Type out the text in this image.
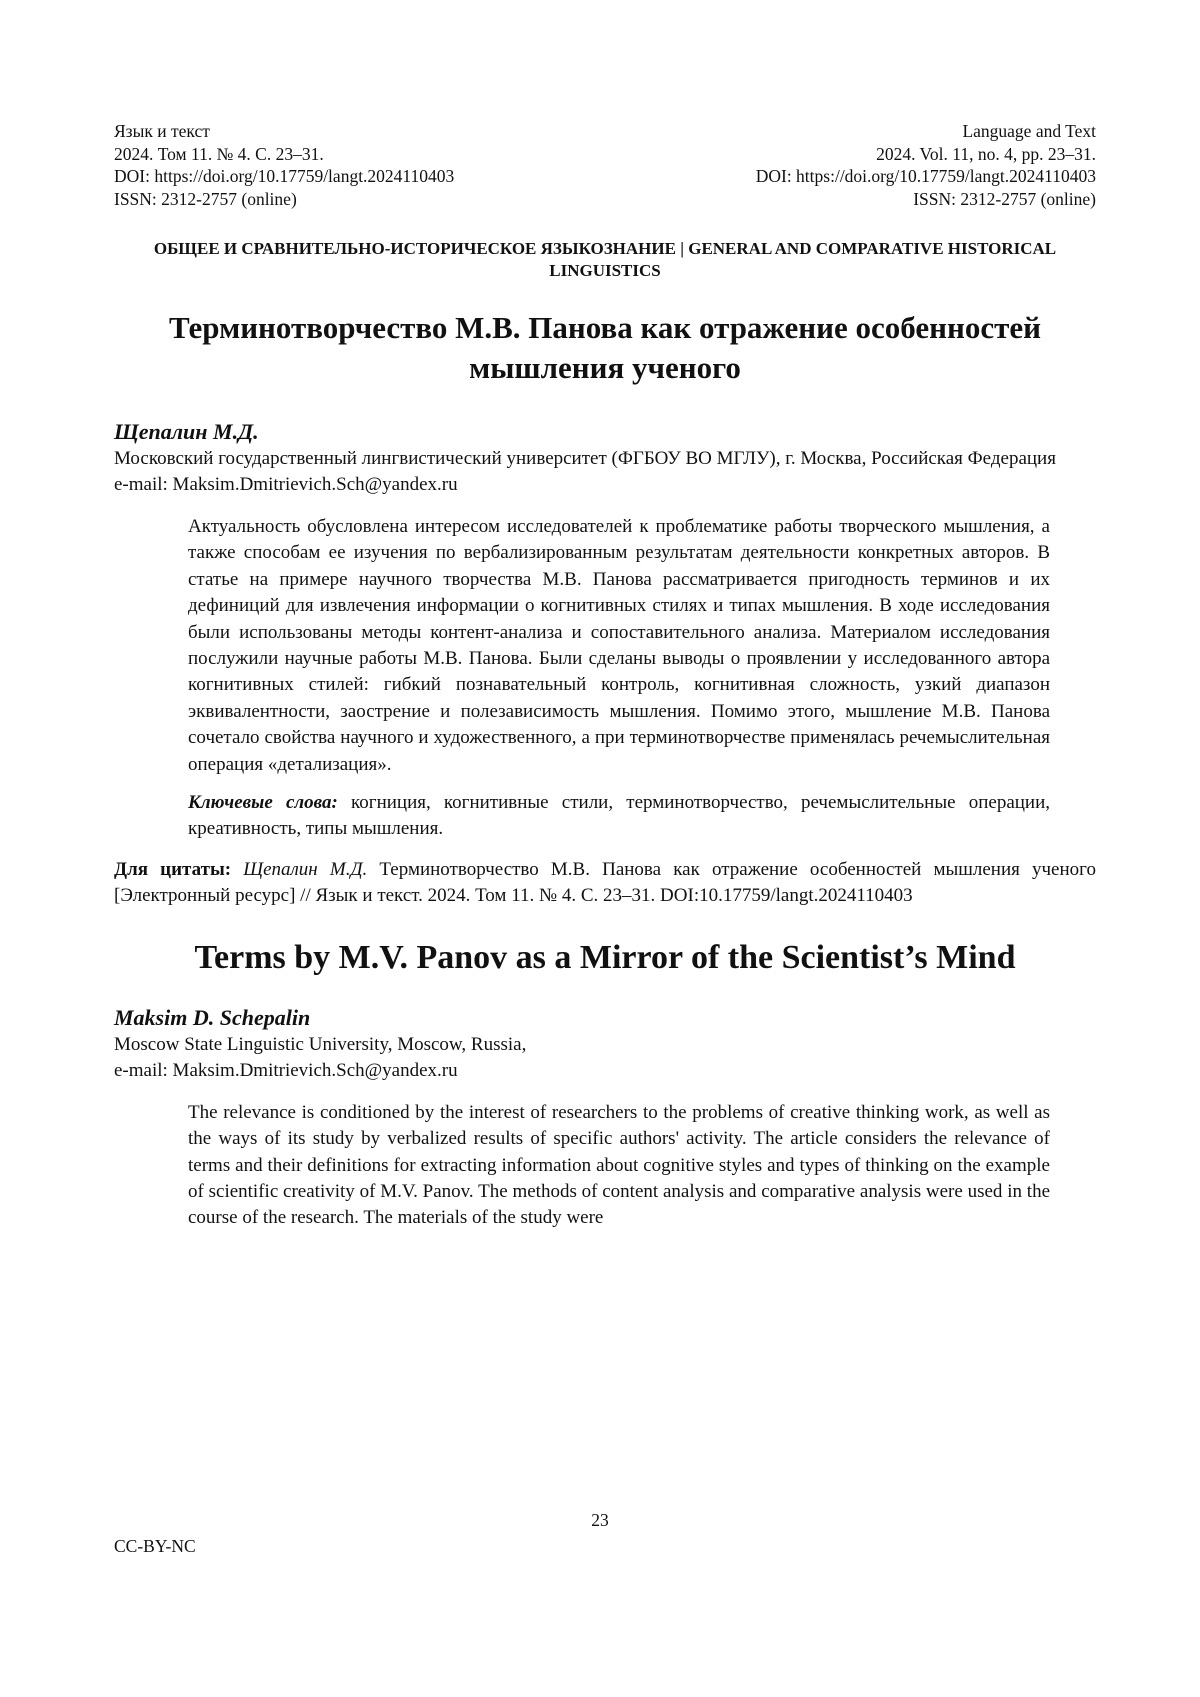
Язык и текст
2024. Том 11. № 4. С. 23–31.
DOI: https://doi.org/10.17759/langt.2024110403
ISSN: 2312-2757 (online)
Language and Text
2024. Vol. 11, no. 4, pp. 23–31.
DOI: https://doi.org/10.17759/langt.2024110403
ISSN: 2312-2757 (online)
ОБЩЕЕ И СРАВНИТЕЛЬНО-ИСТОРИЧЕСКОЕ ЯЗЫКОЗНАНИЕ | GENERAL AND COMPARATIVE HISTORICAL LINGUISTICS
Терминотворчество М.В. Панова как отражение особенностей мышления ученого
Щепалин М.Д.
Московский государственный лингвистический университет (ФГБОУ ВО МГЛУ), г. Москва, Российская Федерация
e-mail: Maksim.Dmitrievich.Sch@yandex.ru
Актуальность обусловлена интересом исследователей к проблематике работы творческого мышления, а также способам ее изучения по вербализированным результатам деятельности конкретных авторов. В статье на примере научного творчества М.В. Панова рассматривается пригодность терминов и их дефиниций для извлечения информации о когнитивных стилях и типах мышления. В ходе исследования были использованы методы контент-анализа и сопоставительного анализа. Материалом исследования послужили научные работы М.В. Панова. Были сделаны выводы о проявлении у исследованного автора когнитивных стилей: гибкий познавательный контроль, когнитивная сложность, узкий диапазон эквивалентности, заострение и полезависимость мышления. Помимо этого, мышление М.В. Панова сочетало свойства научного и художественного, а при терминотворчестве применялась речемыслительная операция «детализация».
Ключевые слова: когниция, когнитивные стили, терминотворчество, речемыслительные операции, креативность, типы мышления.
Для цитаты: Щепалин М.Д. Терминотворчество М.В. Панова как отражение особенностей мышления ученого [Электронный ресурс] // Язык и текст. 2024. Том 11. № 4. С. 23–31. DOI:10.17759/langt.2024110403
Terms by M.V. Panov as a Mirror of the Scientist’s Mind
Maksim D. Schepalin
Moscow State Linguistic University, Moscow, Russia,
e-mail: Maksim.Dmitrievich.Sch@yandex.ru
The relevance is conditioned by the interest of researchers to the problems of creative thinking work, as well as the ways of its study by verbalized results of specific authors' activity. The article considers the relevance of terms and their definitions for extracting information about cognitive styles and types of thinking on the example of scientific creativity of M.V. Panov. The methods of content analysis and comparative analysis were used in the course of the research. The materials of the study were
23
CC-BY-NC
